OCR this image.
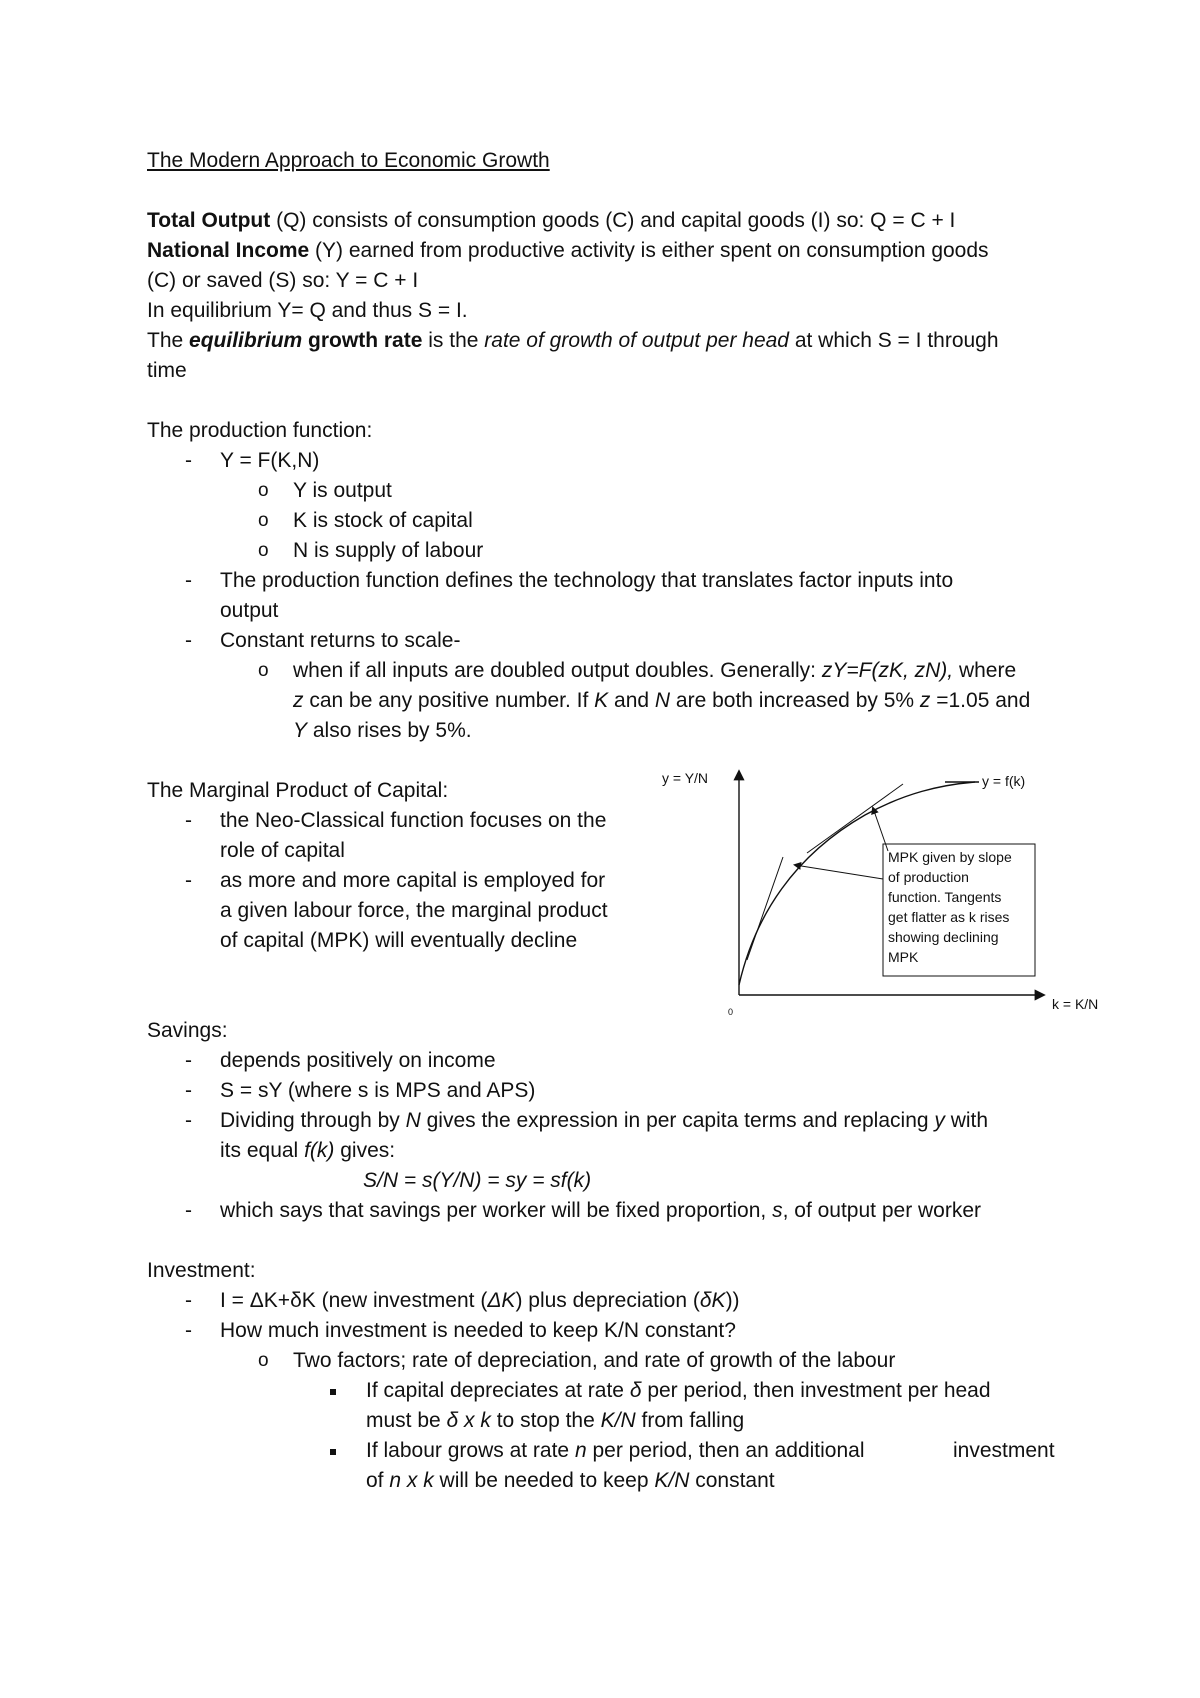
The Modern Approach to Economic Growth
Total Output (Q) consists of consumption goods (C) and capital goods (I) so: Q = C + I
National Income (Y) earned from productive activity is either spent on consumption goods
(C) or saved (S) so: Y = C + I
In equilibrium Y= Q and thus S = I.
The equilibrium growth rate is the rate of growth of output per head at which S = I through
time
The production function:
- Y = F(K,N)
o Y is output
o K is stock of capital
o N is supply of labour
- The production function defines the technology that translates factor inputs into
output
- Constant returns to scale-
o when if all inputs are doubled output doubles. Generally: zY=F(zK, zN), where
z can be any positive number. If K and N are both increased by 5% z =1.05 and
Y also rises by 5%.
The Marginal Product of Capital:
- the Neo-Classical function focuses on the
role of capital
- as more and more capital is employed for
a given labour force, the marginal product
of capital (MPK) will eventually decline
y = Y/N
0	k = K/N
y = f(k)
MPK given by slope of production function. Tangents get flatter as k rises showing declining MPK
Savings:
- depends positively on income
- S = sY (where s is MPS and APS)
- Dividing through by N gives the expression in per capita terms and replacing y with
its equal f(k) gives:
S/N = s(Y/N) = sy = sf(k)
- which says that savings per worker will be fixed proportion, s, of output per worker
Investment:
- I = ΔK+δK (new investment (ΔK) plus depreciation (δK))
- How much investment is needed to keep K/N constant?
o Two factors; rate of depreciation, and rate of growth of the labour
If capital depreciates at rate δ per period, then investment per head
must be δ x k to stop the K/N from falling
If labour grows at rate n per period, then an additional	investment
of n x k will be needed to keep K/N constant
